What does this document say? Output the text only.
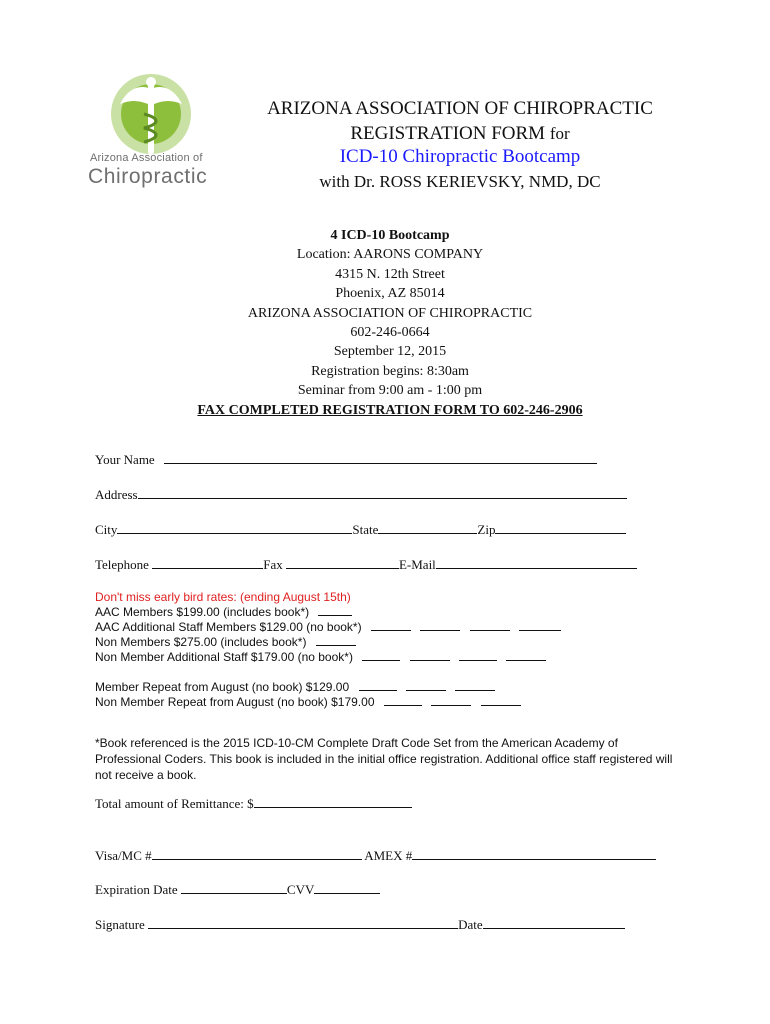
Arizona Association of
Chiropractic
ARIZONA ASSOCIATION OF CHIROPRACTIC
REGISTRATION FORM for
ICD-10 Chiropractic Bootcamp
with Dr. ROSS KERIEVSKY, NMD, DC
4 ICD-10 Bootcamp
Location: AARONS COMPANY
4315 N. 12th Street
Phoenix, AZ 85014
ARIZONA ASSOCIATION OF CHIROPRACTIC
602-246-0664
September 12, 2015
Registration begins: 8:30am
Seminar from 9:00 am - 1:00 pm
FAX COMPLETED REGISTRATION FORM TO 602-246-2906
Your Name
Address
City	State	Zip
Telephone	Fax	E-Mail
Don't miss early bird rates: (ending August 15th)
AAC Members $199.00 (includes book*)
AAC Additional Staff Members $129.00 (no book*)
Non Members $275.00 (includes book*)
Non Member Additional Staff $179.00 (no book*)
Member Repeat from August (no book) $129.00
Non Member Repeat from August (no book) $179.00
*Book referenced is the 2015 ICD-10-CM Complete Draft Code Set from the American Academy of Professional Coders. This book is included in the initial office registration. Additional office staff registered will not receive a book.
Total amount of Remittance: $
Visa/MC #	AMEX #
Expiration Date	CVV
Signature	Date
